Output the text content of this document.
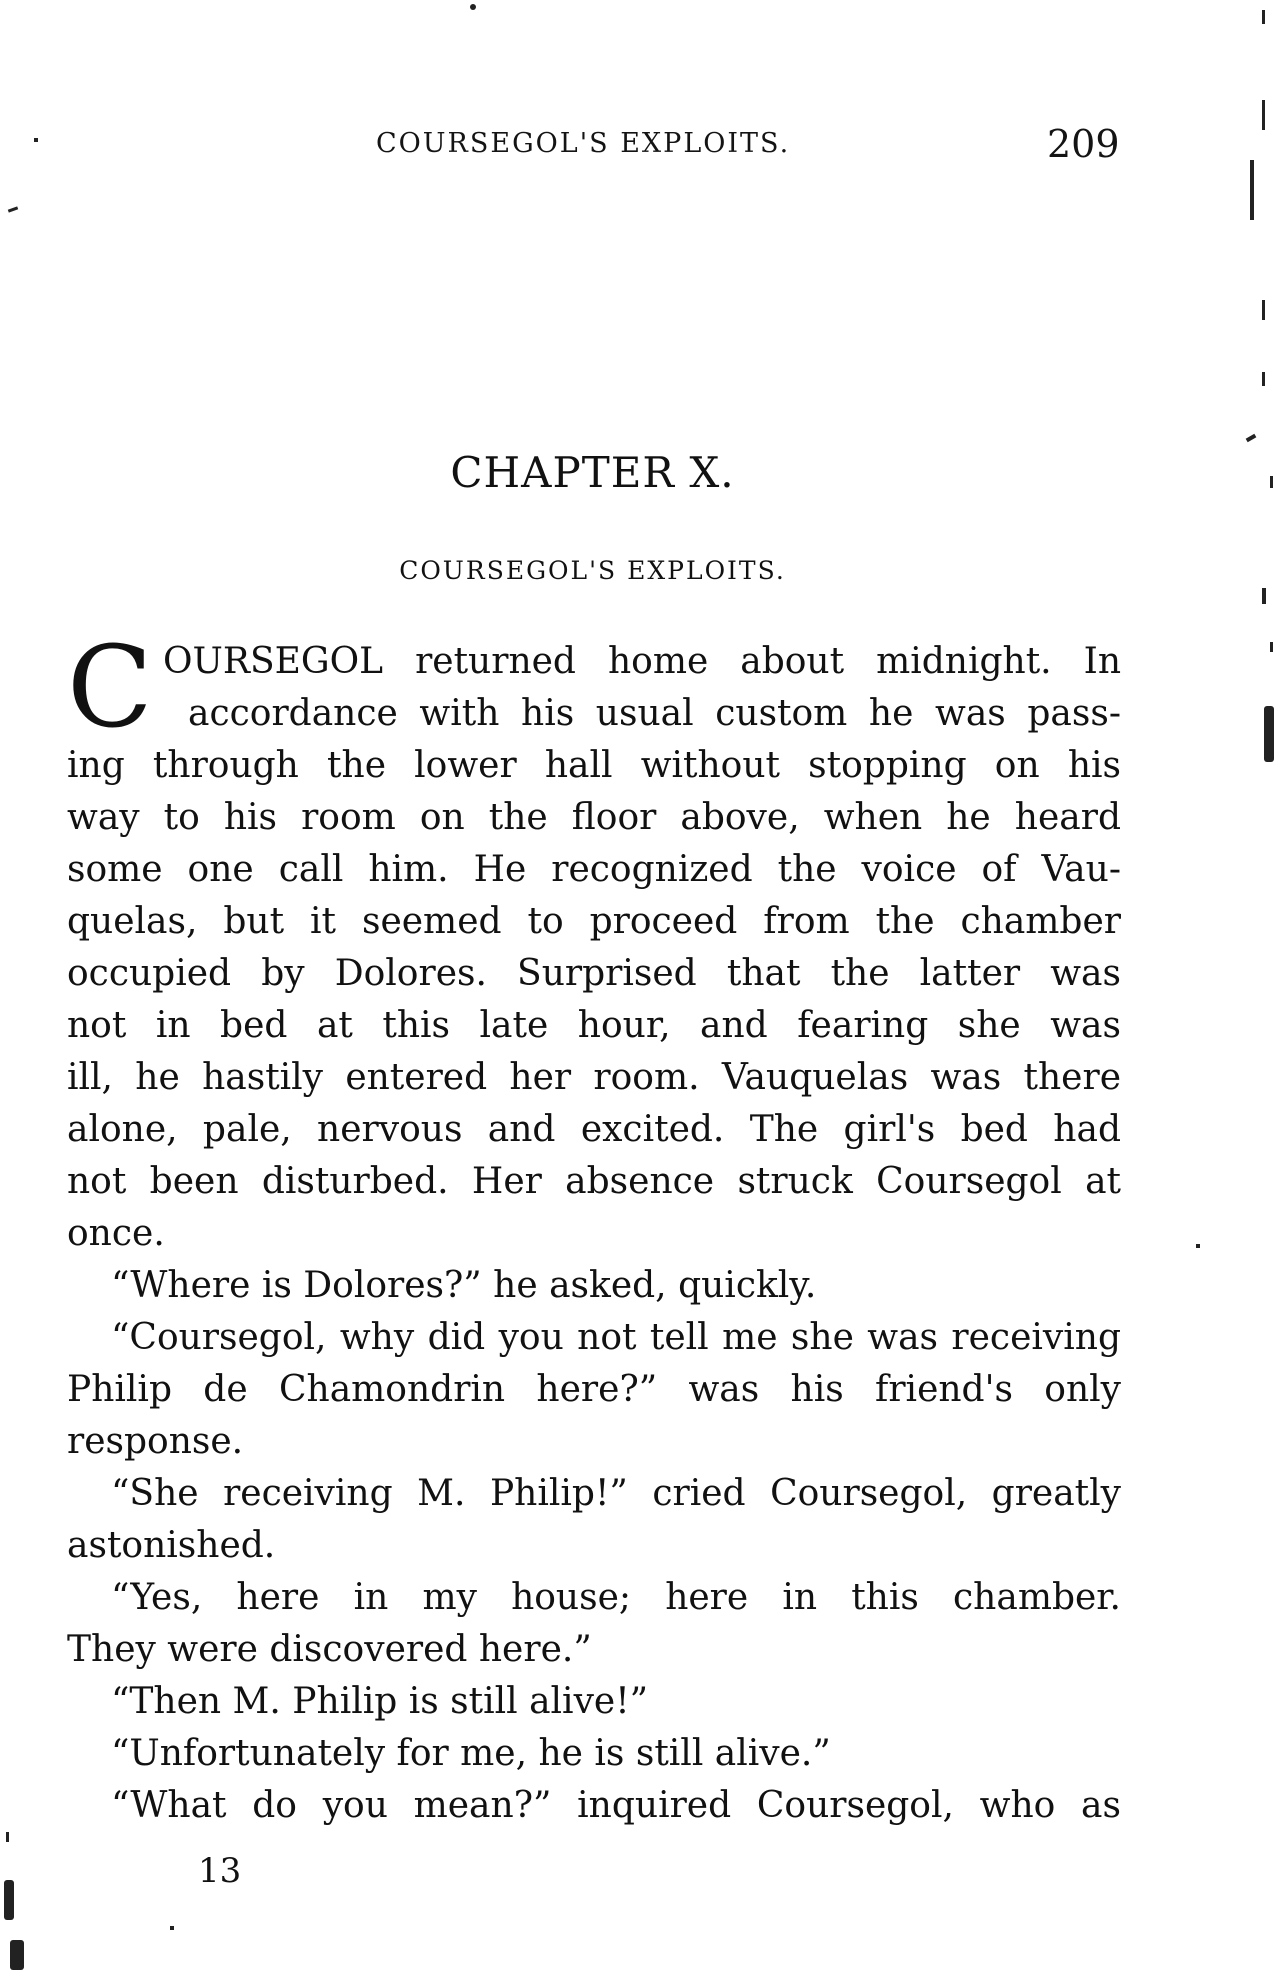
COURSEGOL'S EXPLOITS.	209
CHAPTER X.
COURSEGOL'S EXPLOITS.
C OURSEGOL returned home about midnight. In
accordance with his usual custom he was pass-
ing through the lower hall without stopping on his
way to his room on the floor above, when he heard
some one call him. He recognized the voice of Vau-
quelas, but it seemed to proceed from the chamber
occupied by Dolores. Surprised that the latter was
not in bed at this late hour, and fearing she was
ill, he hastily entered her room. Vauquelas was there
alone, pale, nervous and excited. The girl's bed had
not been disturbed. Her absence struck Coursegol at
once.
“Where is Dolores?” he asked, quickly.
“Coursegol, why did you not tell me she was receiving
Philip de Chamondrin here?” was his friend's only
response.
“She receiving M. Philip!” cried Coursegol, greatly
astonished.
“Yes, here in my house; here in this chamber.
They were discovered here.”
“Then M. Philip is still alive!”
“Unfortunately for me, he is still alive.”
“What do you mean?” inquired Coursegol, who as
13
